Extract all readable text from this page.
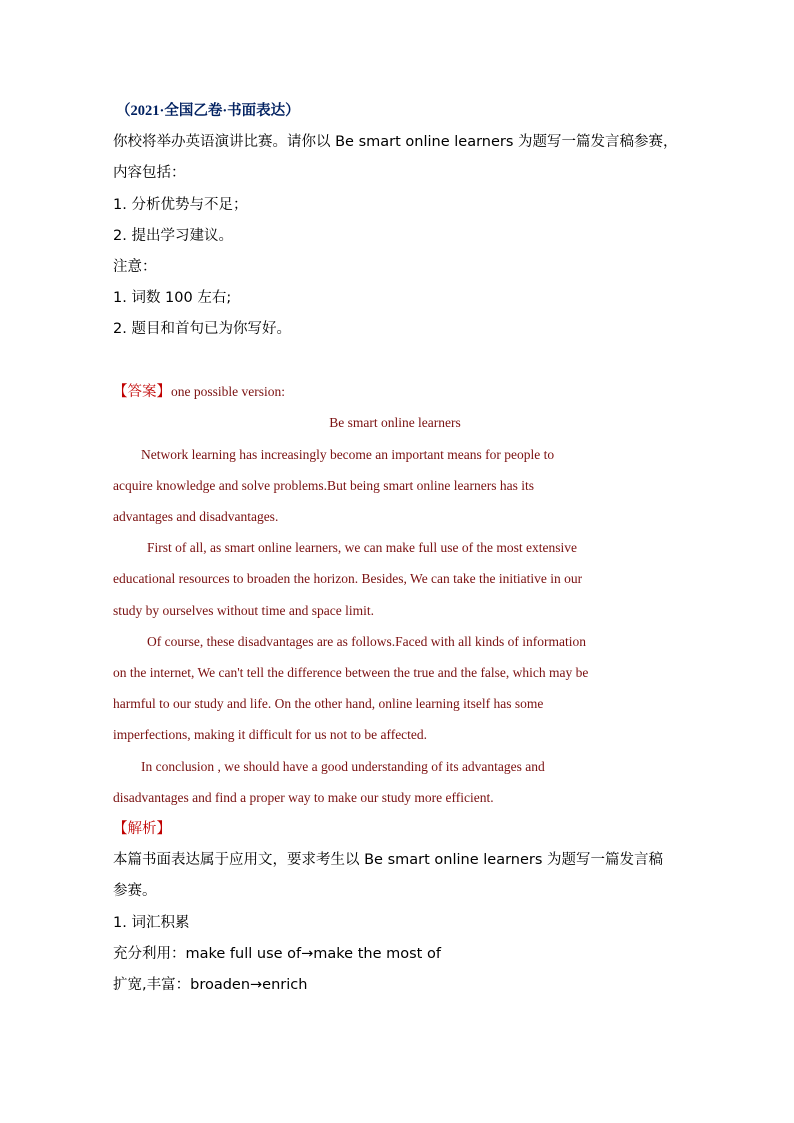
（2021·全国乙卷·书面表达）
你校将举办英语演讲比赛。请你以 Be smart online learners 为题写一篇发言稿参赛，
内容包括：
1. 分析优势与不足；
2. 提出学习建议。
注意：
1. 词数 100 左右;
2. 题目和首句已为你写好。
【答案】one possible version:
Be smart online learners
Network learning has increasingly become an important means for people to
acquire knowledge and solve problems.But being smart online learners has its
advantages and disadvantages.
First of all, as smart online learners, we can make full use of the most extensive
educational resources to broaden the horizon. Besides, We can take the initiative in our
study by ourselves without time and space limit.
Of course, these disadvantages are as follows.Faced with all kinds of information
on the internet, We can't tell the difference between the true and the false, which may be
harmful to our study and life. On the other hand, online learning itself has some
imperfections, making it difficult for us not to be affected.
In conclusion , we should have a good understanding of its advantages and
disadvantages and find a proper way to make our study more efficient.
【解析】
本篇书面表达属于应用文，要求考生以 Be smart online learners 为题写一篇发言稿
参赛。
1. 词汇积累
充分利用：make full use of→make the most of
扩宽,丰富：broaden→enrich
